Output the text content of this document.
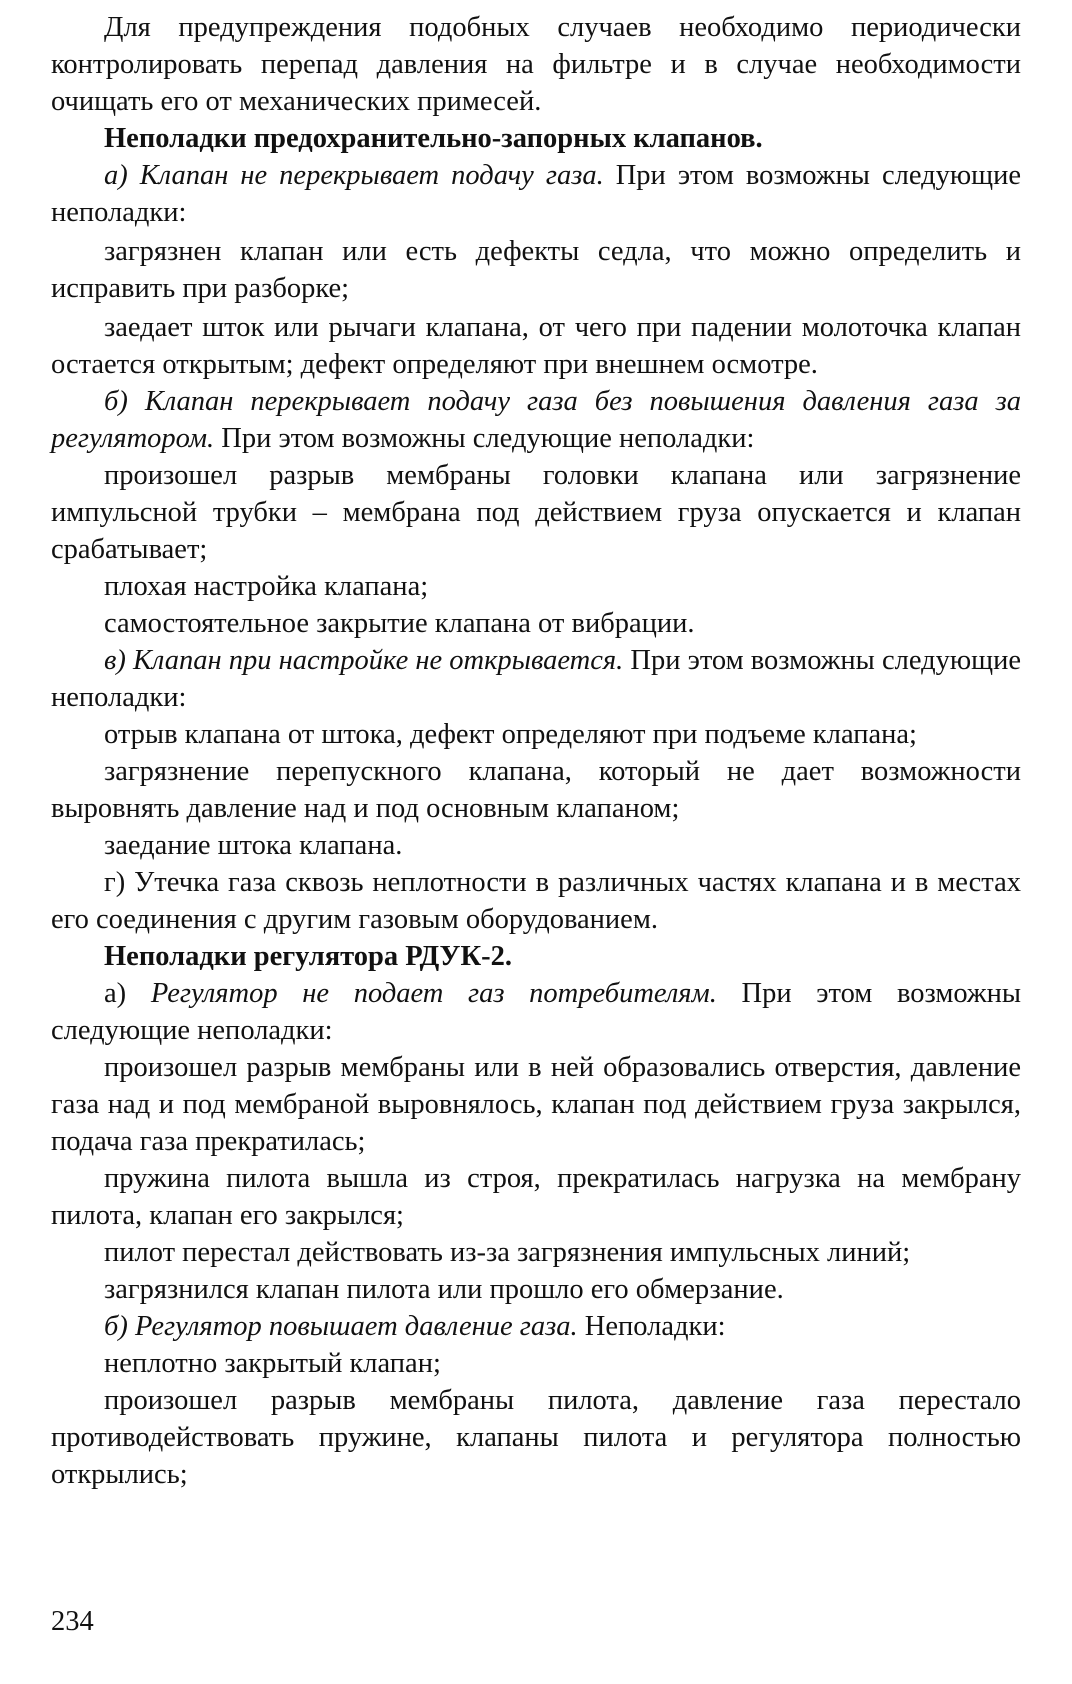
Для предупреждения подобных случаев необходимо периодически контролировать перепад давления на фильтре и в случае необходимости очищать его от механических примесей.

Неполадки предохранительно-запорных клапанов.

а) Клапан не перекрывает подачу газа. При этом возможны следующие неполадки:

загрязнен клапан или есть дефекты седла, что можно определить и исправить при разборке;

заедает шток или рычаги клапана, от чего при падении молоточка клапан остается открытым; дефект определяют при внешнем осмотре.

б) Клапан перекрывает подачу газа без повышения давления газа за регулятором. При этом возможны следующие неполадки:

произошел разрыв мембраны головки клапана или загрязнение импульсной трубки – мембрана под действием груза опускается и клапан срабатывает;

плохая настройка клапана;

самостоятельное закрытие клапана от вибрации.

в) Клапан при настройке не открывается. При этом возможны следующие неполадки:

отрыв клапана от штока, дефект определяют при подъеме клапана;

загрязнение перепускного клапана, который не дает возможности выровнять давление над и под основным клапаном;

заедание штока клапана.

г) Утечка газа сквозь неплотности в различных частях клапана и в местах его соединения с другим газовым оборудованием.

Неполадки регулятора РДУК-2.

а) Регулятор не подает газ потребителям. При этом возможны следующие неполадки:

произошел разрыв мембраны или в ней образовались отверстия, давление газа над и под мембраной выровнялось, клапан под действием груза закрылся, подача газа прекратилась;

пружина пилота вышла из строя, прекратилась нагрузка на мембрану пилота, клапан его закрылся;

пилот перестал действовать из-за загрязнения импульсных линий;

загрязнился клапан пилота или прошло его обмерзание.

б) Регулятор повышает давление газа. Неполадки:

неплотно закрытый клапан;

произошел разрыв мембраны пилота, давление газа перестало противодействовать пружине, клапаны пилота и регулятора полностью открылись;

234
